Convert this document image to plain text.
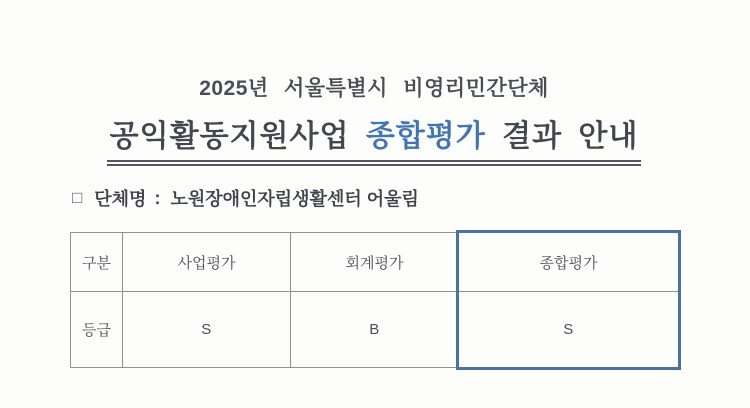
2025년 서울특별시 비영리민간단체
공익활동지원사업 종합평가 결과 안내
□ 단체명 : 노원장애인자립생활센터 어울림
구분	사업평가	회계평가	종합평가
등급	S	B	S
